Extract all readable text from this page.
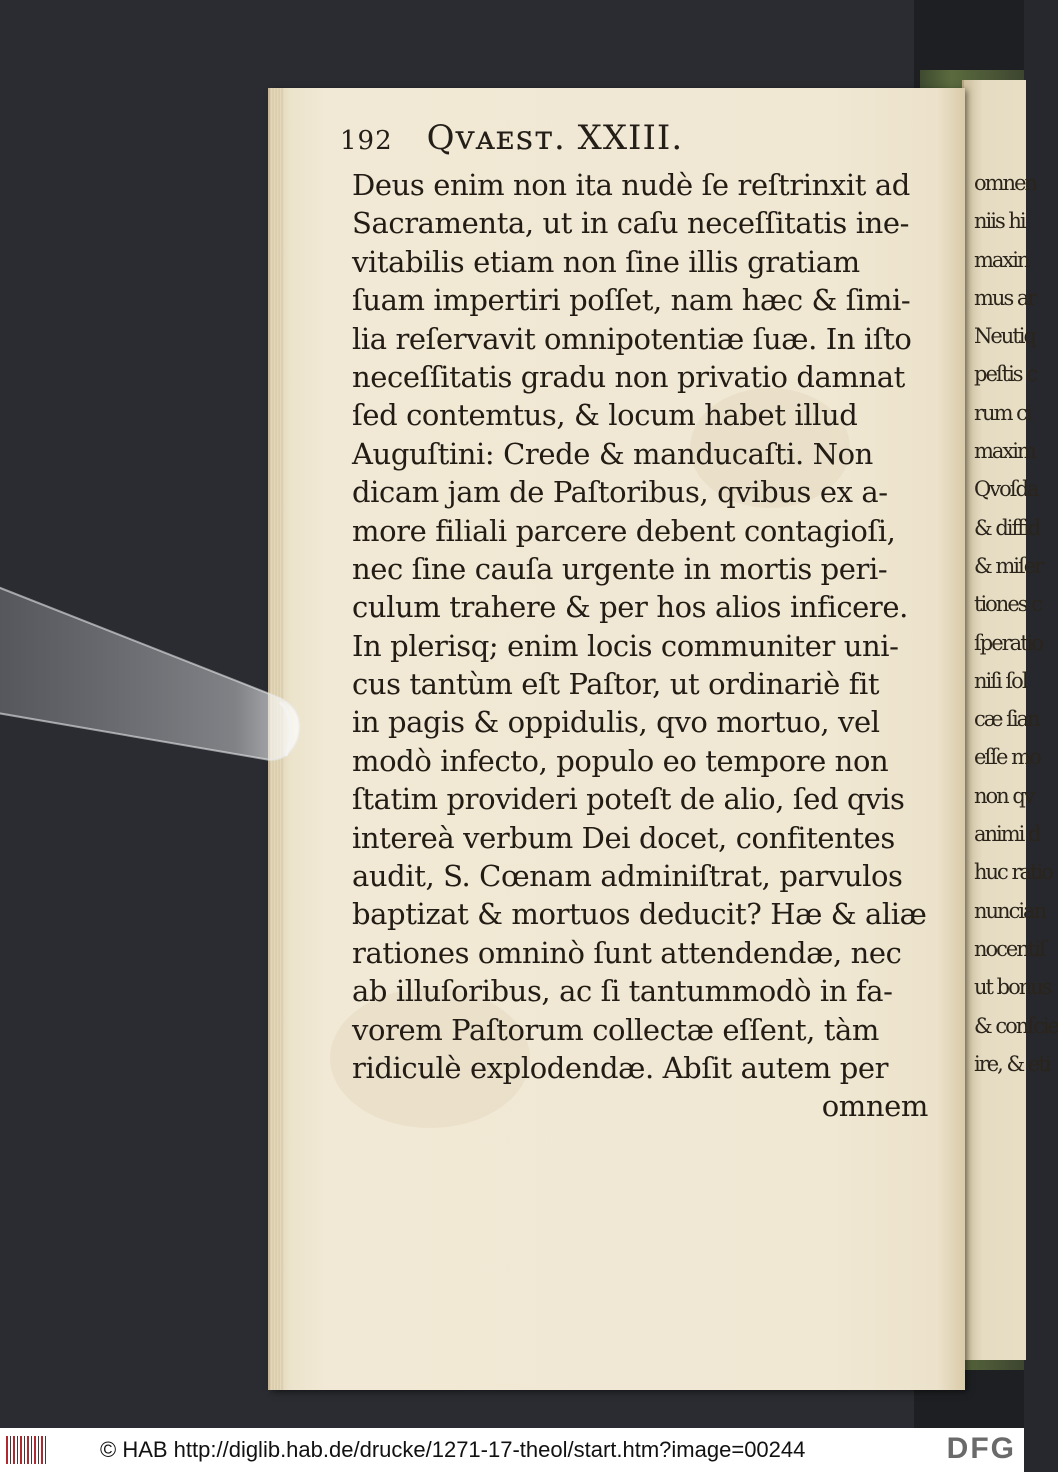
omnen
niis hi
maxin
mus ar
Neutiq
peſtis c
rum ci
maxim
Qvoſda
& diffid
& miſer
tiones c
ſperatio
niſi ſol
cæ ſian
eſſe mo
non qv
animi d
huc ratio
nuncian
nocentiſ
ut bonus
& conſcie
ire, & eti
192 Qᴠᴀᴇꜱᴛ. XXIII.
Deus enim non ita nudè ſe reſtrinxit ad
Sacramenta, ut in caſu neceſſitatis ine-
vitabilis etiam non ſine illis gratiam
ſuam impertiri poſſet, nam hæc & ſimi-
lia reſervavit omnipotentiæ ſuæ. In iſto
neceſſitatis gradu non privatio damnat
ſed contemtus, & locum habet illud
Auguſtini: Crede & manducaſti. Non
dicam jam de Paſtoribus, qvibus ex a-
more filiali parcere debent contagioſi,
nec ſine cauſa urgente in mortis peri-
culum trahere & per hos alios inficere.
In plerisq; enim locis communiter uni-
cus tantùm eſt Paſtor, ut ordinariè fit
in pagis & oppidulis, qvo mortuo, vel
modò infecto, populo eo tempore non
ſtatim provideri poteſt de alio, ſed qvis
intereà verbum Dei docet, confitentes
audit, S. Cœnam adminiſtrat, parvulos
baptizat & mortuos deducit? Hæ & aliæ
rationes omninò ſunt attendendæ, nec
ab illuſoribus, ac ſi tantummodò in fa-
vorem Paſtorum collectæ eſſent, tàm
ridiculè explodendæ. Abſit autem per
omnem
© HAB http://diglib.hab.de/drucke/1271-17-theol/start.htm?image=00244	DFG
